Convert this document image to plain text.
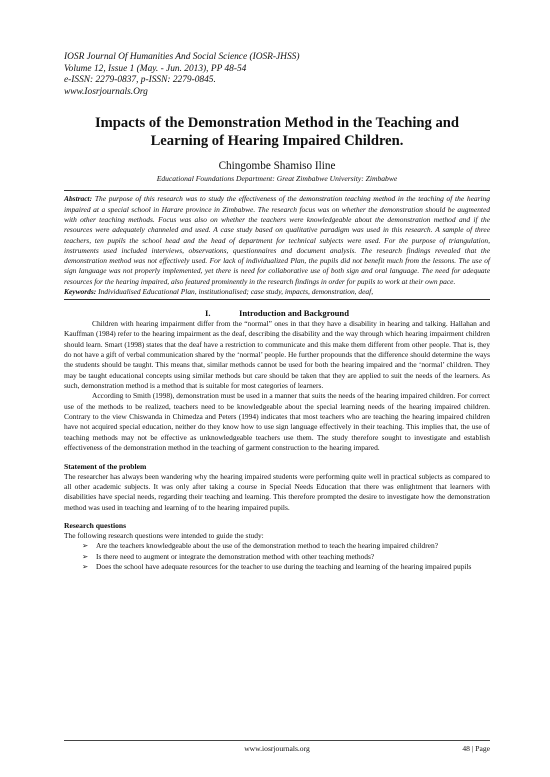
IOSR Journal Of Humanities And Social Science (IOSR-JHSS)
Volume 12, Issue 1 (May. - Jun. 2013), PP 48-54
e-ISSN: 2279-0837, p-ISSN: 2279-0845.
www.Iosrjournals.Org
Impacts of the Demonstration Method in the Teaching and
Learning of Hearing Impaired Children.
Chingombe Shamiso Iline
Educational Foundations Department: Great Zimbabwe University: Zimbabwe
Abstract: The purpose of this research was to study the effectiveness of the demonstration teaching method in the teaching of the hearing impaired at a special school in Harare province in Zimbabwe. The research focus was on whether the demonstration should be augmented with other teaching methods. Focus was also on whether the teachers were knowledgeable about the demonstration method and if the resources were adequately channeled and used. A case study based on qualitative paradigm was used in this research. A sample of three teachers, ten pupils the school head and the head of department for technical subjects were used. For the purpose of triangulation, instruments used included interviews, observations, questionnaires and document analysis. The research findings revealed that the demonstration method was not effectively used. For lack of individualized Plan, the pupils did not benefit much from the lessons. The use of sign language was not properly implemented, yet there is need for collaborative use of both sign and oral language. The need for adequate resources for the hearing impaired, also featured prominently in the research findings in order for pupils to work at their own pace.
Keywords: Individualised Educational Plan, institutionalised; case study, impacts, demonstration, deaf,
I.	Introduction and Background

Children with hearing impairment differ from the “normal” ones in that they have a disability in hearing and talking. Hallahan and Kauffman (1984) refer to the hearing impairment as the deaf, describing the disability and the way through which hearing impairment children should learn. Smart (1998) states that the deaf have a restriction to communicate and this make them different from other people. That is, they do not have a gift of verbal communication shared by the ‘normal’ people. He further propounds that the difference should determine the ways the students should be taught. This means that, similar methods cannot be used for both the hearing impaired and the ‘normal’ children. They may be taught educational concepts using similar methods but care should be taken that they are applied to suit the needs of the learners. As such, demonstration method is a method that is suitable for most categories of learners.

According to Smith (1998), demonstration must be used in a manner that suits the needs of the hearing impaired children. For correct use of the methods to be realized, teachers need to be knowledgeable about the special learning needs of the hearing impaired children. Contrary to the view Chiswanda in Chimedza and Peters (1994) indicates that most teachers who are teaching the hearing impaired children have not acquired special education, neither do they know how to use sign language effectively in their teaching. This implies that, the use of teaching methods may not be effective as unknowledgeable teachers use them. The study therefore sought to investigate and establish effectiveness of the demonstration method in the teaching of garment construction to the hearing impared.

Statement of the problem

The researcher has always been wandering why the hearing impaired students were performing quite well in practical subjects as compared to all other academic subjects. It was only after taking a course in Special Needs Education that there was enlightment that learners with disabilities have special needs, regarding their teaching and learning. This therefore prompted the desire to investigate how the demonstration method was used in teaching and learning of to the hearing impaired pupils.

Research questions

The following research questions were intended to guide the study:

➢ Are the teachers knowledgeable about the use of the demonstration method to teach the hearing impaired children?
➢ Is there need to augment or integrate the demonstration method with other teaching methods?
➢ Does the school have adequate resources for the teacher to use during the teaching and learning of the hearing impaired pupils
www.iosrjournals.org	48 | Page
